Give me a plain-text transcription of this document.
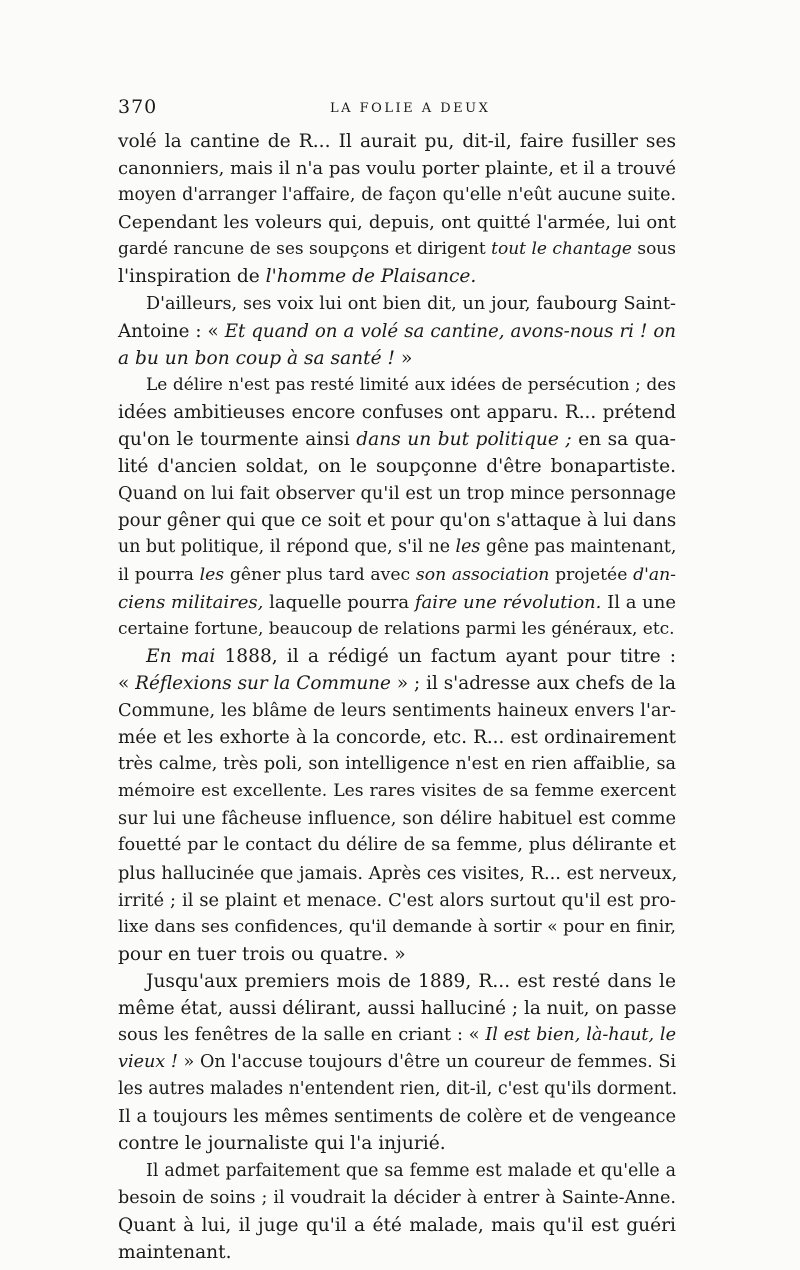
370	LA FOLIE A DEUX
volé la cantine de R... Il aurait pu, dit-il, faire fusiller ses
canonniers, mais il n'a pas voulu porter plainte, et il a trouvé
moyen d'arranger l'affaire, de façon qu'elle n'eût aucune suite.
Cependant les voleurs qui, depuis, ont quitté l'armée, lui ont
gardé rancune de ses soupçons et dirigent tout le chantage sous
l'inspiration de l'homme de Plaisance.
D'ailleurs, ses voix lui ont bien dit, un jour, faubourg Saint-
Antoine : « Et quand on a volé sa cantine, avons-nous ri ! on
a bu un bon coup à sa santé ! »
Le délire n'est pas resté limité aux idées de persécution ; des
idées ambitieuses encore confuses ont apparu. R... prétend
qu'on le tourmente ainsi dans un but politique ; en sa qua-
lité d'ancien soldat, on le soupçonne d'être bonapartiste.
Quand on lui fait observer qu'il est un trop mince personnage
pour gêner qui que ce soit et pour qu'on s'attaque à lui dans
un but politique, il répond que, s'il ne les gêne pas maintenant,
il pourra les gêner plus tard avec son association projetée d'an-
ciens militaires, laquelle pourra faire une révolution. Il a une
certaine fortune, beaucoup de relations parmi les généraux, etc.
En mai 1888, il a rédigé un factum ayant pour titre :
« Réflexions sur la Commune » ; il s'adresse aux chefs de la
Commune, les blâme de leurs sentiments haineux envers l'ar-
mée et les exhorte à la concorde, etc. R... est ordinairement
très calme, très poli, son intelligence n'est en rien affaiblie, sa
mémoire est excellente. Les rares visites de sa femme exercent
sur lui une fâcheuse influence, son délire habituel est comme
fouetté par le contact du délire de sa femme, plus délirante et
plus hallucinée que jamais. Après ces visites, R... est nerveux,
irrité ; il se plaint et menace. C'est alors surtout qu'il est pro-
lixe dans ses confidences, qu'il demande à sortir « pour en finir,
pour en tuer trois ou quatre. »
Jusqu'aux premiers mois de 1889, R... est resté dans le
même état, aussi délirant, aussi halluciné ; la nuit, on passe
sous les fenêtres de la salle en criant : « Il est bien, là-haut, le
vieux ! » On l'accuse toujours d'être un coureur de femmes. Si
les autres malades n'entendent rien, dit-il, c'est qu'ils dorment.
Il a toujours les mêmes sentiments de colère et de vengeance
contre le journaliste qui l'a injurié.
Il admet parfaitement que sa femme est malade et qu'elle a
besoin de soins ; il voudrait la décider à entrer à Sainte-Anne.
Quant à lui, il juge qu'il a été malade, mais qu'il est guéri
maintenant.
